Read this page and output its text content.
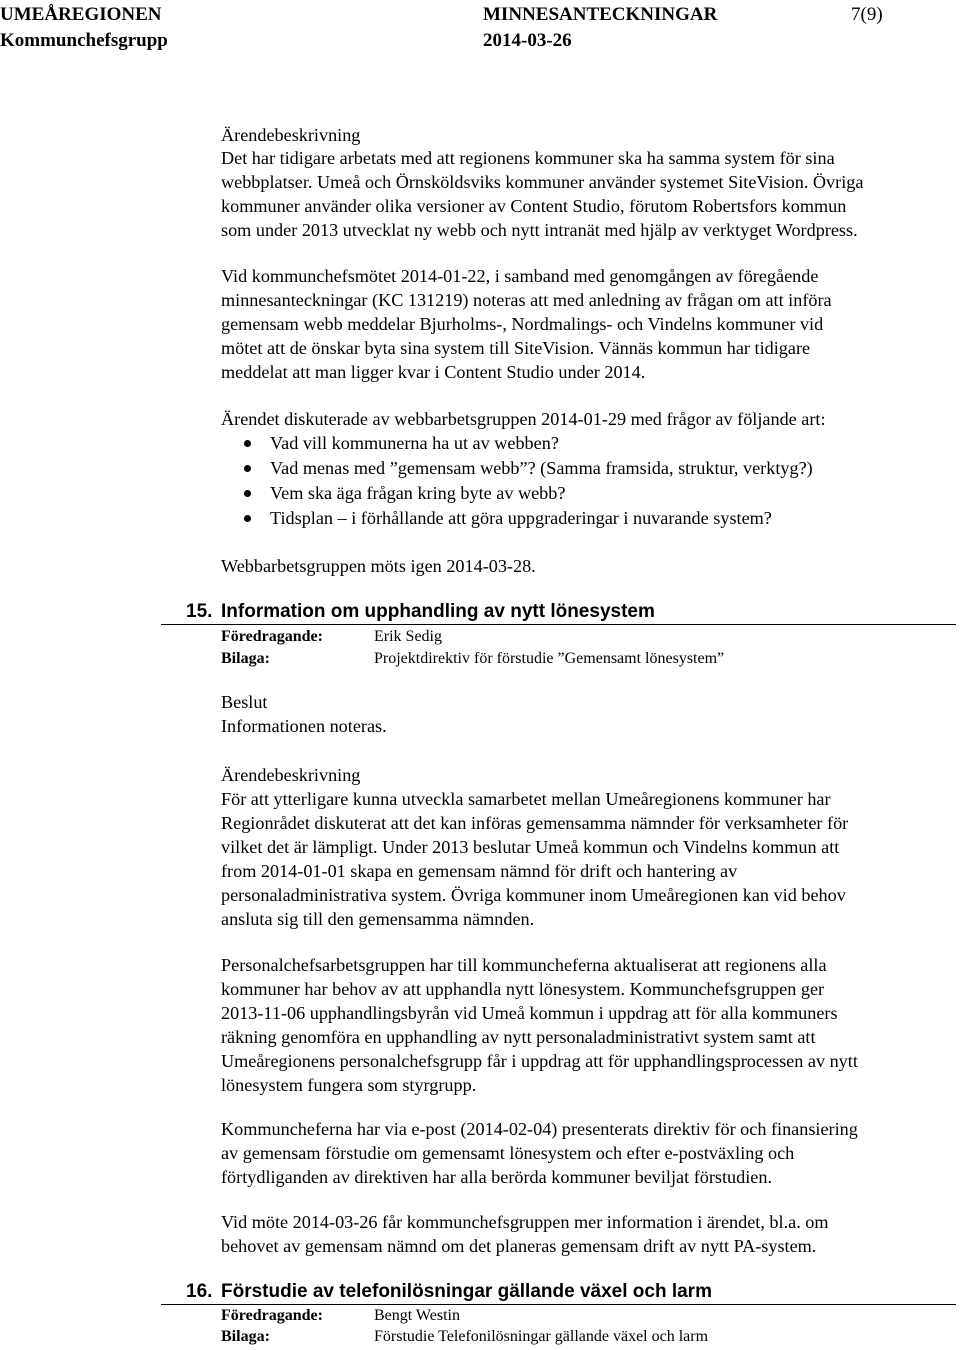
UMEÅREGIONEN	MINNESANTECKNINGAR	7(9)
Kommunchefsgrupp	2014-03-26
Ärendebeskrivning
Det har tidigare arbetats med att regionens kommuner ska ha samma system för sina
webbplatser. Umeå och Örnsköldsviks kommuner använder systemet SiteVision. Övriga
kommuner använder olika versioner av Content Studio, förutom Robertsfors kommun
som under 2013 utvecklat ny webb och nytt intranät med hjälp av verktyget Wordpress.
Vid kommunchefsmötet 2014-01-22, i samband med genomgången av föregående
minnesanteckningar (KC 131219) noteras att med anledning av frågan om att införa
gemensam webb meddelar Bjurholms-, Nordmalings- och Vindelns kommuner vid
mötet att de önskar byta sina system till SiteVision. Vännäs kommun har tidigare
meddelat att man ligger kvar i Content Studio under 2014.
Ärendet diskuterade av webbarbetsgruppen 2014-01-29 med frågor av följande art:
Vad vill kommunerna ha ut av webben?
Vad menas med ”gemensam webb”? (Samma framsida, struktur, verktyg?)
Vem ska äga frågan kring byte av webb?
Tidsplan – i förhållande att göra uppgraderingar i nuvarande system?
Webbarbetsgruppen möts igen 2014-03-28.
15. Information om upphandling av nytt lönesystem
Föredragande:	Erik Sedig
Bilaga:	Projektdirektiv för förstudie ”Gemensamt lönesystem”
Beslut
Informationen noteras.
Ärendebeskrivning
För att ytterligare kunna utveckla samarbetet mellan Umeåregionens kommuner har
Regionrådet diskuterat att det kan införas gemensamma nämnder för verksamheter för
vilket det är lämpligt. Under 2013 beslutar Umeå kommun och Vindelns kommun att
from 2014-01-01 skapa en gemensam nämnd för drift och hantering av
personaladministrativa system. Övriga kommuner inom Umeåregionen kan vid behov
ansluta sig till den gemensamma nämnden.
Personalchefsarbetsgruppen har till kommuncheferna aktualiserat att regionens alla
kommuner har behov av att upphandla nytt lönesystem. Kommunchefsgruppen ger
2013-11-06 upphandlingsbyrån vid Umeå kommun i uppdrag att för alla kommuners
räkning genomföra en upphandling av nytt personaladministrativt system samt att
Umeåregionens personalchefsgrupp får i uppdrag att för upphandlingsprocessen av nytt
lönesystem fungera som styrgrupp.
Kommuncheferna har via e-post (2014-02-04) presenterats direktiv för och finansiering
av gemensam förstudie om gemensamt lönesystem och efter e-postväxling och
förtydliganden av direktiven har alla berörda kommuner beviljat förstudien.
Vid möte 2014-03-26 får kommunchefsgruppen mer information i ärendet, bl.a. om
behovet av gemensam nämnd om det planeras gemensam drift av nytt PA-system.
16. Förstudie av telefonilösningar gällande växel och larm
Föredragande:	Bengt Westin
Bilaga:	Förstudie Telefonilösningar gällande växel och larm
